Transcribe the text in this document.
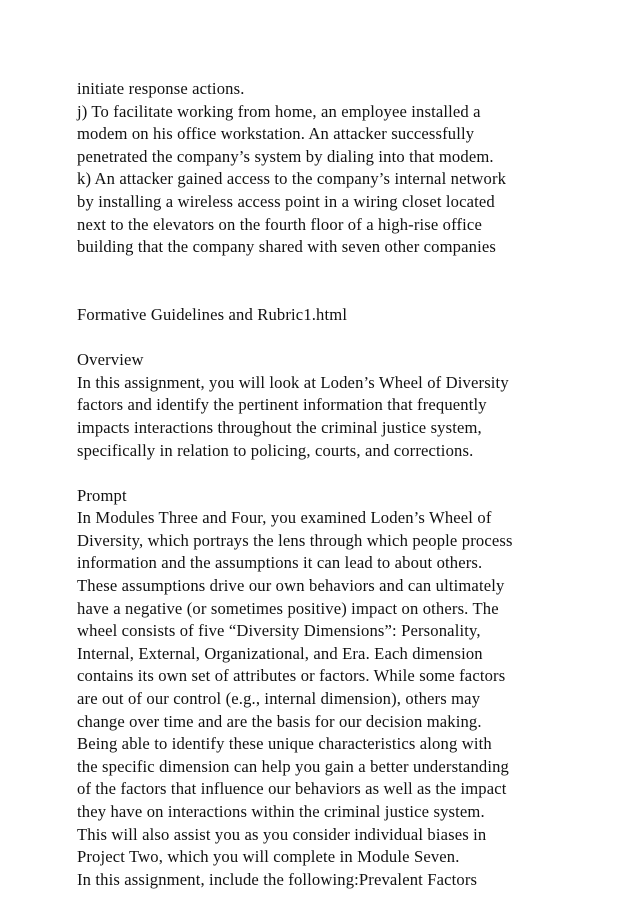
initiate response actions.
j) To facilitate working from home, an employee installed a
modem on his office workstation. An attacker successfully
penetrated the company’s system by dialing into that modem.
k) An attacker gained access to the company’s internal network
by installing a wireless access point in a wiring closet located
next to the elevators on the fourth floor of a high-rise office
building that the company shared with seven other companies
Formative Guidelines and Rubric1.html
Overview
In this assignment, you will look at Loden’s Wheel of Diversity
factors and identify the pertinent information that frequently
impacts interactions throughout the criminal justice system,
specifically in relation to policing, courts, and corrections.
Prompt
In Modules Three and Four, you examined Loden’s Wheel of
Diversity, which portrays the lens through which people process
information and the assumptions it can lead to about others.
These assumptions drive our own behaviors and can ultimately
have a negative (or sometimes positive) impact on others. The
wheel consists of five “Diversity Dimensions”: Personality,
Internal, External, Organizational, and Era. Each dimension
contains its own set of attributes or factors. While some factors
are out of our control (e.g., internal dimension), others may
change over time and are the basis for our decision making.
Being able to identify these unique characteristics along with
the specific dimension can help you gain a better understanding
of the factors that influence our behaviors as well as the impact
they have on interactions within the criminal justice system.
This will also assist you as you consider individual biases in
Project Two, which you will complete in Module Seven.
In this assignment, include the following:Prevalent Factors
